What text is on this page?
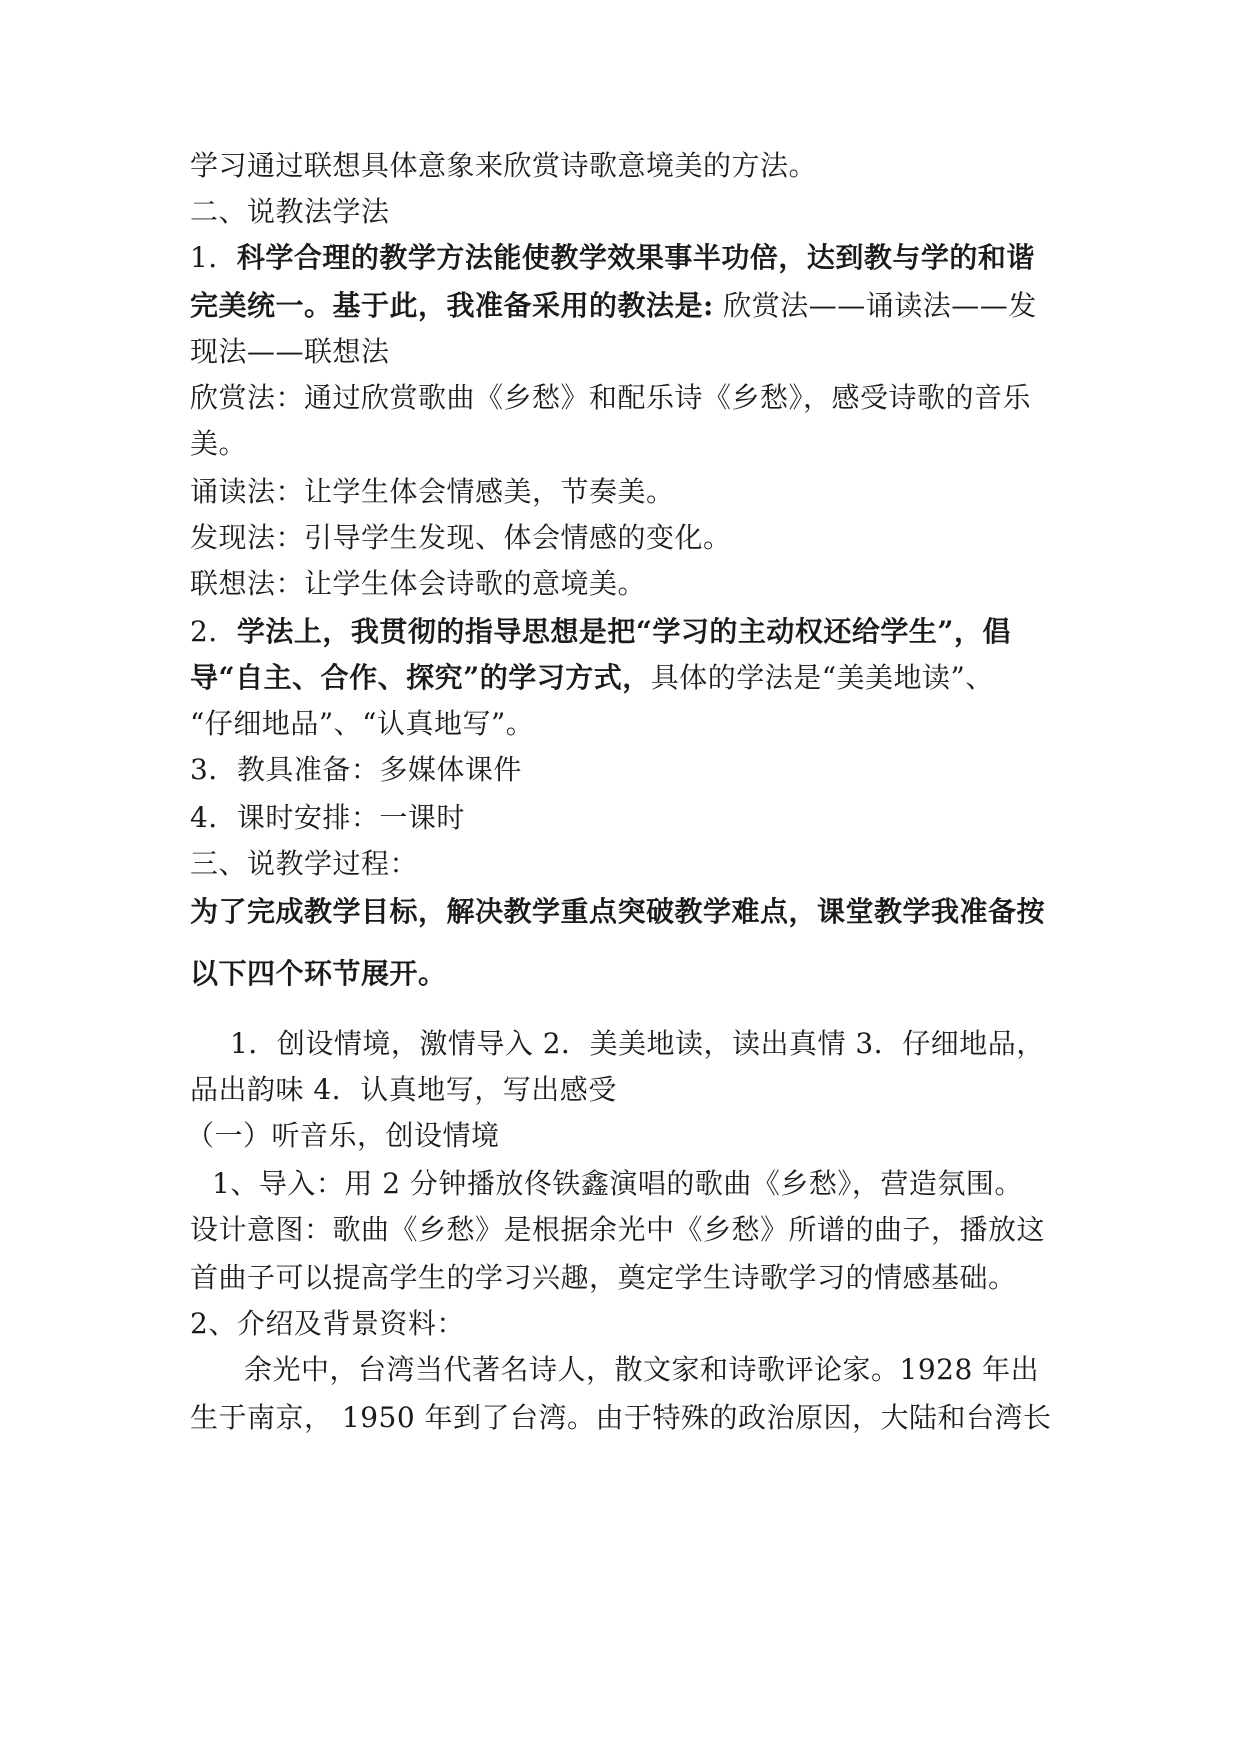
学习通过联想具体意象来欣赏诗歌意境美的方法。
二、说教法学法
1．科学合理的教学方法能使教学效果事半功倍，达到教与学的和谐
完美统一。基于此，我准备采用的教法是: 欣赏法——诵读法——发
现法——联想法
欣赏法：通过欣赏歌曲《乡愁》和配乐诗《乡愁》，感受诗歌的音乐
美。
诵读法：让学生体会情感美，节奏美。
发现法：引导学生发现、体会情感的变化。
联想法：让学生体会诗歌的意境美。
2．学法上，我贯彻的指导思想是把“学习的主动权还给学生”，倡
导“自主、合作、探究”的学习方式，具体的学法是“美美地读”、
“仔细地品”、“认真地写”。
3．教具准备：多媒体课件
4．课时安排：一课时
三、说教学过程：
为了完成教学目标，解决教学重点突破教学难点，课堂教学我准备按
以下四个环节展开。
1．创设情境，激情导入 2．美美地读，读出真情 3．仔细地品，
品出韵味 4．认真地写，写出感受
（一）听音乐，创设情境
1、导入：用 2 分钟播放佟铁鑫演唱的歌曲《乡愁》，营造氛围。
设计意图：歌曲《乡愁》是根据余光中《乡愁》所谱的曲子，播放这
首曲子可以提高学生的学习兴趣，奠定学生诗歌学习的情感基础。
2、介绍及背景资料：
余光中，台湾当代著名诗人，散文家和诗歌评论家。1928 年出
生于南京， 1950 年到了台湾。由于特殊的政治原因，大陆和台湾长
